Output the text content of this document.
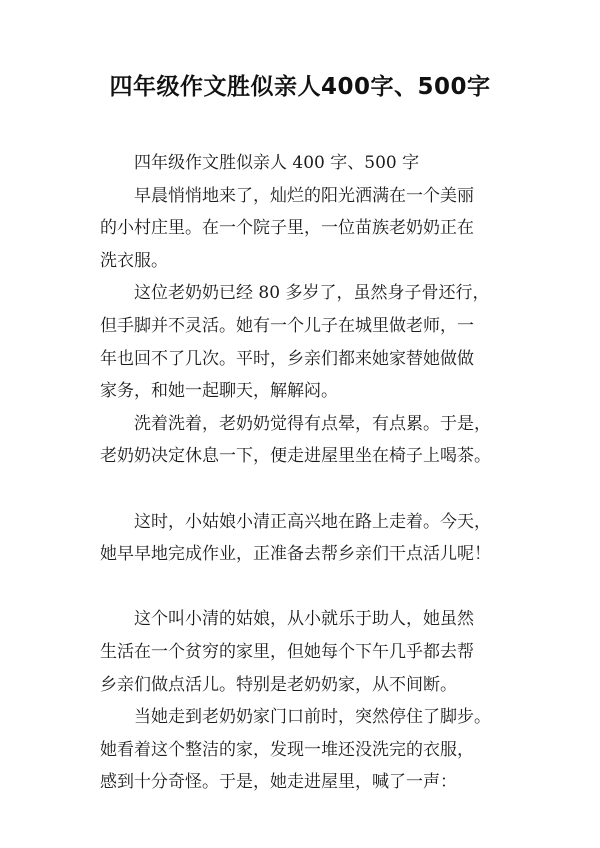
四年级作文胜似亲人400字、500字

四年级作文胜似亲人 400 字、500 字

早晨悄悄地来了，灿烂的阳光洒满在一个美丽
的小村庄里。在一个院子里，一位苗族老奶奶正在
洗衣服。

这位老奶奶已经 80 多岁了，虽然身子骨还行，
但手脚并不灵活。她有一个儿子在城里做老师，一
年也回不了几次。平时，乡亲们都来她家替她做做
家务，和她一起聊天，解解闷。

洗着洗着，老奶奶觉得有点晕，有点累。于是，
老奶奶决定休息一下，便走进屋里坐在椅子上喝茶。

这时，小姑娘小清正高兴地在路上走着。今天，
她早早地完成作业，正准备去帮乡亲们干点活儿呢！

这个叫小清的姑娘，从小就乐于助人，她虽然
生活在一个贫穷的家里，但她每个下午几乎都去帮
乡亲们做点活儿。特别是老奶奶家，从不间断。

当她走到老奶奶家门口前时，突然停住了脚步。
她看着这个整洁的家，发现一堆还没洗完的衣服，
感到十分奇怪。于是，她走进屋里，喊了一声：
